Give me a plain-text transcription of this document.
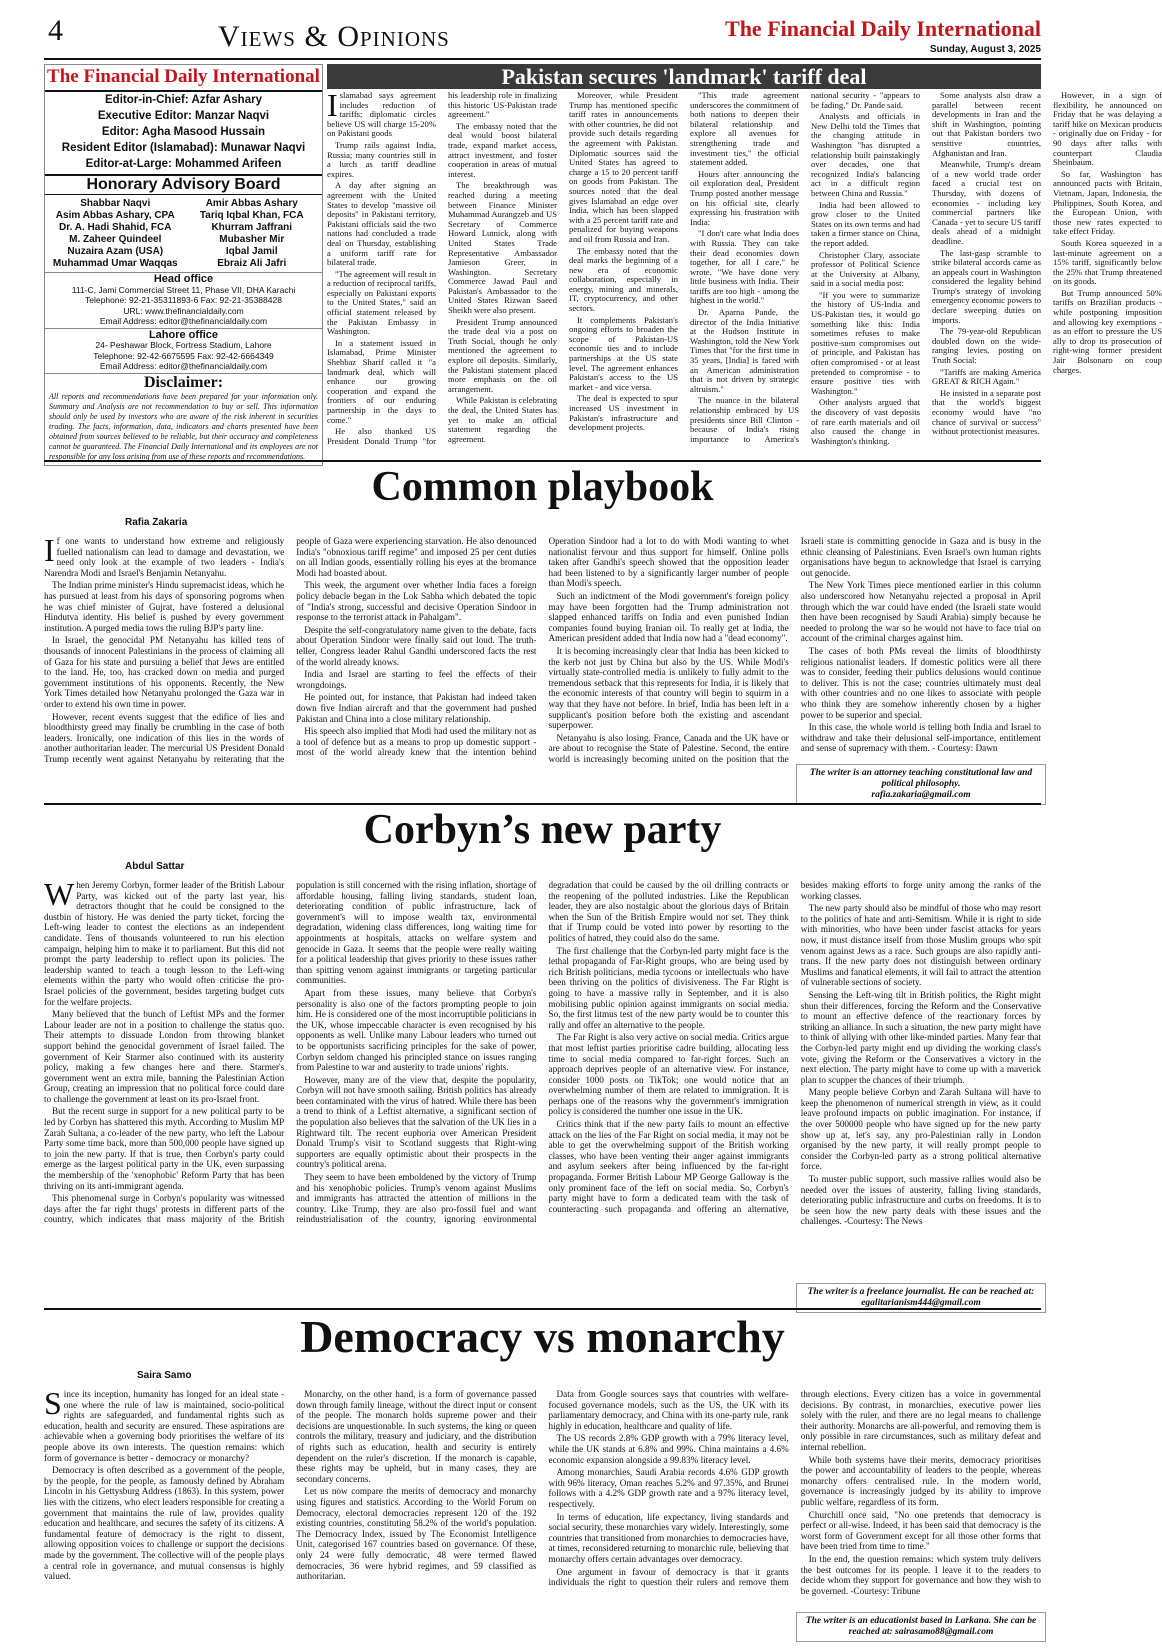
4	Views & Opinions	The Financial Daily International
Sunday, August 3, 2025
The Financial Daily International
Editor-in-Chief: Azfar Ashary
Executive Editor: Manzar Naqvi
Editor: Agha Masood Hussain
Resident Editor (Islamabad): Munawar Naqvi
Editor-at-Large: Mohammed Arifeen
Honorary Advisory Board
Shabbar Naqvi
Asim Abbas Ashary, CPA
Dr. A. Hadi Shahid, FCA
M. Zaheer Quindeel
Nuzaira Azam (USA)
Muhammad Umar Waqqas
Amir Abbas Ashary
Tariq Iqbal Khan, FCA
Khurram Jaffrani
Mubasher Mir
Iqbal Jamil
Ebraiz Ali Jafri
Head office
111-C, Jami Commercial Street 11, Phase VII, DHA Karachi
Telephone: 92-21-35311893-6 Fax: 92-21-35388428
URL: www.thefinancialdaily.com
Email Address: editor@thefinancialdaily.com
Lahore office
24- Peshawar Block, Fortress Stadium, Lahore
Telephone: 92-42-6675595 Fax: 92-42-6664349
Email Address: editor@thefinancialdaily.com
Disclaimer:
All reports and recommendations have been prepared for your information only. Summary and Analysis are not recommendation to buy or sell. This information should only be used by investors who are aware of the risk inherent in securities trading. The facts, information, data, indicators and charts presented have been obtained from sources believed to be reliable, but their accuracy and completeness cannot be guaranteed. The Financial Daily International and its employees are not responsible for any loss arising from use of these reports and recommendations.
Pakistan secures 'landmark' tariff deal

Islamabad says agreement includes reduction of tariffs; diplomatic circles believe US will charge 15-20% on Pakistani goods

Trump rails against India, Russia; many countries still in a lurch as tariff deadline expires.

A day after signing an agreement with the United States to develop "massive oil deposits" in Pakistani territory, Pakistani officials said the two nations had concluded a trade deal on Thursday, establishing a uniform tariff rate for bilateral trade.

"The agreement will result in a reduction of reciprocal tariffs, especially on Pakistani exports to the United States," said an official statement released by the Pakistan Embassy in Washington.

In a statement issued in Islamabad, Prime Minister Shehbaz Sharif called it "a landmark deal, which will enhance our growing cooperation and expand the frontiers of our enduring partnership in the days to come."

He also thanked US President Donald Trump "for his leadership role in finalizing this historic US-Pakistan trade agreement."

The embassy noted that the deal would boost bilateral trade, expand market access, attract investment, and foster cooperation in areas of mutual interest.

The breakthrough was reached during a meeting between Finance Minister Muhammad Aurangzeb and US Secretary of Commerce Howard Lutnick, along with United States Trade Representative Ambassador Jamieson Greer, in Washington. Secretary Commerce Jawad Paul and Pakistan's Ambassador to the United States Rizwan Saeed Sheikh were also present.

President Trump announced the trade deal via a post on Truth Social, though he only mentioned the agreement to explore oil deposits. Similarly, the Pakistani statement placed more emphasis on the oil arrangement.

While Pakistan is celebrating the deal, the United States has yet to make an official statement regarding the agreement.

Moreover, while President Trump has mentioned specific tariff rates in announcements with other countries, he did not provide such details regarding the agreement with Pakistan. Diplomatic sources said the United States has agreed to charge a 15 to 20 percent tariff on goods from Pakistan. The sources noted that the deal gives Islamabad an edge over India, which has been slapped with a 25 percent tariff rate and penalized for buying weapons and oil from Russia and Iran.

The embassy noted that the deal marks the beginning of a new era of economic collaboration, especially in energy, mining and minerals, IT, cryptocurrency, and other sectors.

It complements Pakistan's ongoing efforts to broaden the scope of Pakistan-US economic ties and to include partnerships at the US state level. The agreement enhances Pakistan's access to the US market - and vice versa.

The deal is expected to spur increased US investment in Pakistan's infrastructure and development projects.

"This trade agreement underscores the commitment of both nations to deepen their bilateral relationship and explore all avenues for strengthening trade and investment ties," the official statement added.

Hours after announcing the oil exploration deal, President Trump posted another message on his official site, clearly expressing his frustration with India:

"I don't care what India does with Russia. They can take their dead economies down together, for all I care," he wrote. "We have done very little business with India. Their tariffs are too high - among the highest in the world."

Dr. Aparna Pande, the director of the India Initiative at the Hudson Institute in Washington, told the New York Times that "for the first time in 35 years, [India] is faced with an American administration that is not driven by strategic altruism."

The nuance in the bilateral relationship embraced by US presidents since Bill Clinton - because of India's rising importance to America's national security - "appears to be fading," Dr. Pande said.

Analysts and officials in New Delhi told the Times that the changing attitude in Washington "has disrupted a relationship built painstakingly over decades, one that recognized India's balancing act in a difficult region between China and Russia."

India had been allowed to grow closer to the United States on its own terms and had taken a firmer stance on China, the report added.

Christopher Clary, associate professor of Political Science at the University at Albany, said in a social media post:

"If you were to summarize the history of US-India and US-Pakistan ties, it would go something like this: India sometimes refuses to make positive-sum compromises out of principle, and Pakistan has often compromised - or at least pretended to compromise - to ensure positive ties with Washington."

Other analysts argued that the discovery of vast deposits of rare earth materials and oil also caused the change in Washington's thinking.

Some analysts also draw a parallel between recent developments in Iran and the shift in Washington, pointing out that Pakistan borders two sensitive countries, Afghanistan and Iran.

Meanwhile, Trump's dream of a new world trade order faced a crucial test on Thursday, with dozens of economies - including key commercial partners like Canada - yet to secure US tariff deals ahead of a midnight deadline.

The last-gasp scramble to strike bilateral accords came as an appeals court in Washington considered the legality behind Trump's strategy of invoking emergency economic powers to declare sweeping duties on imports.

The 79-year-old Republican doubled down on the wide-ranging levies, posting on Truth Social:

"Tariffs are making America GREAT & RICH Again."

He insisted in a separate post that the world's biggest economy would have "no chance of survival or success" without protectionist measures.

However, in a sign of flexibility, he announced on Friday that he was delaying a tariff hike on Mexican products - originally due on Friday - for 90 days after talks with counterpart Claudia Sheinbaum.

So far, Washington has announced pacts with Britain, Vietnam, Japan, Indonesia, the Philippines, South Korea, and the European Union, with those new rates expected to take effect Friday.

South Korea squeezed in a last-minute agreement on a 15% tariff, significantly below the 25% that Trump threatened on its goods.

But Trump announced 50% tariffs on Brazilian products - while postponing imposition and allowing key exemptions - as an effort to pressure the US ally to drop its prosecution of right-wing former president Jair Bolsonaro on coup charges.

Common playbook
Rafia Zakaria

If one wants to understand how extreme and religiously fuelled nationalism can lead to damage and devastation, we need only look at the example of two leaders - India's Narendra Modi and Israel's Benjamin Netanyahu.

The Indian prime minister's Hindu supremacist ideas, which he has pursued at least from his days of sponsoring pogroms when he was chief minister of Gujrat, have fostered a delusional Hindutva identity. His belief is pushed by every government institution. A purged media tows the ruling BJP's party line.

In Israel, the genocidal PM Netanyahu has killed tens of thousands of innocent Palestinians in the process of claiming all of Gaza for his state and pursuing a belief that Jews are entitled to the land. He, too, has cracked down on media and purged government institutions of his opponents. Recently, the New York Times detailed how Netanyahu prolonged the Gaza war in order to extend his own time in power.

However, recent events suggest that the edifice of lies and bloodthirsty greed may finally be crumbling in the case of both leaders. Ironically, one indication of this lies in the words of another authoritarian leader. The mercurial US President Donald Trump recently went against Netanyahu by reiterating that the people of Gaza were experiencing starvation. He also denounced India's "obnoxious tariff regime" and imposed 25 per cent duties on all Indian goods, essentially rolling his eyes at the bromance Modi had boasted about.

This week, the argument over whether India faces a foreign policy debacle began in the Lok Sabha which debated the topic of "India's strong, successful and decisive Operation Sindoor in response to the terrorist attack in Pahalgam".

Despite the self-congratulatory name given to the debate, facts about Operation Sindoor were finally said out loud. The truth-teller, Congress leader Rahul Gandhi underscored facts the rest of the world already knows.

India and Israel are starting to feel the effects of their wrongdoings.

He pointed out, for instance, that Pakistan had indeed taken down five Indian aircraft and that the government had pushed Pakistan and China into a close military relationship.

His speech also implied that Modi had used the military not as a tool of defence but as a means to prop up domestic support - most of the world already knew that the intention behind Operation Sindoor had a lot to do with Modi wanting to whet nationalist fervour and thus support for himself. Online polls taken after Gandhi's speech showed that the opposition leader had been listened to by a significantly larger number of people than Modi's speech.

Such an indictment of the Modi government's foreign policy may have been forgotten had the Trump administration not slapped enhanced tariffs on India and even punished Indian companies found buying Iranian oil. To really get at India, the American president added that India now had a "dead economy".

It is becoming increasingly clear that India has been kicked to the kerb not just by China but also by the US. While Modi's virtually state-controlled media is unlikely to fully admit to the tremendous setback that this represents for India, it is likely that the economic interests of that country will begin to squirm in a way that they have not before. In brief, India has been left in a supplicant's position before both the existing and ascendant superpower.

Netanyahu is also losing. France, Canada and the UK have or are about to recognise the State of Palestine. Second, the entire world is increasingly becoming united on the position that the Israeli state is committing genocide in Gaza and is busy in the ethnic cleansing of Palestinians. Even Israel's own human rights organisations have begun to acknowledge that Israel is carrying out genocide.

The New York Times piece mentioned earlier in this column also underscored how Netanyahu rejected a proposal in April through which the war could have ended (the Israeli state would then have been recognised by Saudi Arabia) simply because he needed to prolong the war so he would not have to face trial on account of the criminal charges against him.

The cases of both PMs reveal the limits of bloodthirsty religious nationalist leaders. If domestic politics were all there was to consider, feeding their publics delusions would continue to deliver. This is not the case; countries ultimately must deal with other countries and no one likes to associate with people who think they are somehow inherently chosen by a higher power to be superior and special.

In this case, the whole world is telling both India and Israel to withdraw and take their delusional self-importance, entitlement and sense of supremacy with them. - Courtesy: Dawn

The writer is an attorney teaching constitutional law and political philosophy.
rafia.zakaria@gmail.com
Corbyn’s new party
Abdul Sattar

When Jeremy Corbyn, former leader of the British Labour Party, was kicked out of the party last year, his detractors thought that he could be consigned to the dustbin of history. He was denied the party ticket, forcing the Left-wing leader to contest the elections as an independent candidate. Tens of thousands volunteered to run his election campaign, helping him to make it to parliament. But this did not prompt the party leadership to reflect upon its policies. The leadership wanted to teach a tough lesson to the Left-wing elements within the party who would often criticise the pro-Israel policies of the government, besides targeting budget cuts for the welfare projects.

Many believed that the bunch of Leftist MPs and the former Labour leader are not in a position to challenge the status quo. Their attempts to dissuade London from throwing blanket support behind the genocidal government of Israel failed. The government of Keir Starmer also continued with its austerity policy, making a few changes here and there. Starmer's government went an extra mile, banning the Palestinian Action Group, creating an impression that no political force could dare to challenge the government at least on its pro-Israel front.

But the recent surge in support for a new political party to be led by Corbyn has shattered this myth. According to Muslim MP Zarah Sultana, a co-leader of the new party, who left the Labour Party some time back, more than 500,000 people have signed up to join the new party. If that is true, then Corbyn's party could emerge as the largest political party in the UK, even surpassing the membership of the 'xenophobic' Reform Party that has been thriving on its anti-immigrant agenda.

This phenomenal surge in Corbyn's popularity was witnessed days after the far right thugs' protests in different parts of the country, which indicates that mass majority of the British population is still concerned with the rising inflation, shortage of affordable housing, falling living standards, student loan, deteriorating condition of public infrastructure, lack of government's will to impose wealth tax, environmental degradation, widening class differences, long waiting time for appointments at hospitals, attacks on welfare system and genocide in Gaza. It seems that the people were really waiting for a political leadership that gives priority to these issues rather than spitting venom against immigrants or targeting particular communities.

Apart from these issues, many believe that Corbyn's personality is also one of the factors prompting people to join him. He is considered one of the most incorruptible politicians in the UK, whose impeccable character is even recognised by his opponents as well. Unlike many Labour leaders who turned out to be opportunists sacrificing principles for the sake of power, Corbyn seldom changed his principled stance on issues ranging from Palestine to war and austerity to trade unions' rights.

However, many are of the view that, despite the popularity, Corbyn will not have smooth sailing. British politics has already been contaminated with the virus of hatred. While there has been a trend to think of a Leftist alternative, a significant section of the population also believes that the salvation of the UK lies in a Rightward tilt. The recent euphoria over American President Donald Trump's visit to Scotland suggests that Right-wing supporters are equally optimistic about their prospects in the country's political arena.

They seem to have been emboldened by the victory of Trump and his xenophobic policies. Trump's venom against Muslims and immigrants has attracted the attention of millions in the country. Like Trump, they are also pro-fossil fuel and want reindustrialisation of the country, ignoring environmental degradation that could be caused by the oil drilling contracts or the reopening of the polluted industries. Like the Republican leader, they are also nostalgic about the glorious days of Britain when the Sun of the British Empire would not set. They think that if Trump could be voted into power by resorting to the politics of hatred, they could also do the same.

The first challenge that the Corbyn-led party might face is the lethal propaganda of Far-Right groups, who are being used by rich British politicians, media tycoons or intellectuals who have been thriving on the politics of divisiveness. The Far Right is going to have a massive rally in September, and it is also mobilising public opinion against immigrants on social media. So, the first litmus test of the new party would be to counter this rally and offer an alternative to the people.

The Far Right is also very active on social media. Critics argue that most leftist parties prioritise cadre building, allocating less time to social media compared to far-right forces. Such an approach deprives people of an alternative view. For instance, consider 1000 posts on TikTok; one would notice that an overwhelming number of them are related to immigration. It is perhaps one of the reasons why the government's immigration policy is considered the number one issue in the UK.

Critics think that if the new party fails to mount an effective attack on the lies of the Far Right on social media, it may not be able to get the overwhelming support of the British working classes, who have been venting their anger against immigrants and asylum seekers after being influenced by the far-right propaganda. Former British Labour MP George Galloway is the only prominent face of the left on social media. So, Corbyn's party might have to form a dedicated team with the task of counteracting such propaganda and offering an alternative, besides making efforts to forge unity among the ranks of the working classes.

The new party should also be mindful of those who may resort to the politics of hate and anti-Semitism. While it is right to side with minorities, who have been under fascist attacks for years now, it must distance itself from those Muslim groups who spit venom against Jews as a race. Such groups are also rapidly anti-trans. If the new party does not distinguish between ordinary Muslims and fanatical elements, it will fail to attract the attention of vulnerable sections of society.

Sensing the Left-wing tilt in British politics, the Right might shun their differences, forcing the Reform and the Conservative to mount an effective defence of the reactionary forces by striking an alliance. In such a situation, the new party might have to think of allying with other like-minded parties. Many fear that the Corbyn-led party might end up dividing the working class's vote, giving the Reform or the Conservatives a victory in the next election. The party might have to come up with a maverick plan to scupper the chances of their triumph.

Many people believe Corbyn and Zarah Sultana will have to keep the phenomenon of numerical strength in view, as it could leave profound impacts on public imagination. For instance, if the over 500000 people who have signed up for the new party show up at, let's say, any pro-Palestinian rally in London organised by the new party, it will really prompt people to consider the Corbyn-led party as a strong political alternative force.

To muster public support, such massive rallies would also be needed over the issues of austerity, falling living standards, deteriorating public infrastructure and curbs on freedoms. It is to be seen how the new party deals with these issues and the challenges. -Courtesy: The News

The writer is a freelance journalist. He can be reached at: egalitarianism444@gmail.com
Democracy vs monarchy
Saira Samo

Since its inception, humanity has longed for an ideal state - one where the rule of law is maintained, socio-political rights are safeguarded, and fundamental rights such as education, health and security are ensured. These aspirations are achievable when a governing body prioritises the welfare of its people above its own interests. The question remains: which form of governance is better - democracy or monarchy?

Democracy is often described as a government of the people, by the people, for the people, as famously defined by Abraham Lincoln in his Gettysburg Address (1863). In this system, power lies with the citizens, who elect leaders responsible for creating a government that maintains the rule of law, provides quality education and healthcare, and secures the safety of its citizens. A fundamental feature of democracy is the right to dissent, allowing opposition voices to challenge or support the decisions made by the government. The collective will of the people plays a central role in governance, and mutual consensus is highly valued.

Monarchy, on the other hand, is a form of governance passed down through family lineage, without the direct input or consent of the people. The monarch holds supreme power and their decisions are unquestionable. In such systems, the king or queen controls the military, treasury and judiciary, and the distribution of rights such as education, health and security is entirely dependent on the ruler's discretion. If the monarch is capable, these rights may be upheld, but in many cases, they are secondary concerns.

Let us now compare the merits of democracy and monarchy using figures and statistics. According to the World Forum on Democracy, electoral democracies represent 120 of the 192 existing countries, constituting 58.2% of the world's population. The Democracy Index, issued by The Economist Intelligence Unit, categorised 167 countries based on governance. Of these, only 24 were fully democratic, 48 were termed flawed democracies, 36 were hybrid regimes, and 59 classified as authoritarian.

Data from Google sources says that countries with welfare-focused governance models, such as the US, the UK with its parliamentary democracy, and China with its one-party rule, rank highly in education, healthcare and quality of life.

The US records 2.8% GDP growth with a 79% literacy level, while the UK stands at 6.8% and 99%. China maintains a 4.6% economic expansion alongside a 99.83% literacy level.

Among monarchies, Saudi Arabia records 4.6% GDP growth with 96% literacy, Oman reaches 5.2% and 97.35%, and Brunei follows with a 4.2% GDP growth rate and a 97% literacy level, respectively.

In terms of education, life expectancy, living standards and social security, these monarchies vary widely. Interestingly, some countries that transitioned from monarchies to democracies have, at times, reconsidered returning to monarchic rule, believing that monarchy offers certain advantages over democracy.

One argument in favour of democracy is that it grants individuals the right to question their rulers and remove them through elections. Every citizen has a voice in governmental decisions. By contrast, in monarchies, executive power lies solely with the ruler, and there are no legal means to challenge their authority. Monarchs are all-powerful, and removing them is only possible in rare circumstances, such as military defeat and internal rebellion.

While both systems have their merits, democracy prioritises the power and accountability of leaders to the people, whereas monarchy offers centralised rule. In the modern world, governance is increasingly judged by its ability to improve public welfare, regardless of its form.

Churchill once said, "No one pretends that democracy is perfect or all-wise. Indeed, it has been said that democracy is the worst form of Government except for all those other forms that have been tried from time to time."

In the end, the question remains: which system truly delivers the best outcomes for its people. I leave it to the readers to decide whom they support for governance and how they wish to be governed. -Courtesy: Tribune

The writer is an educationist based in Larkana. She can be reached at: sairasamo88@gmail.com
